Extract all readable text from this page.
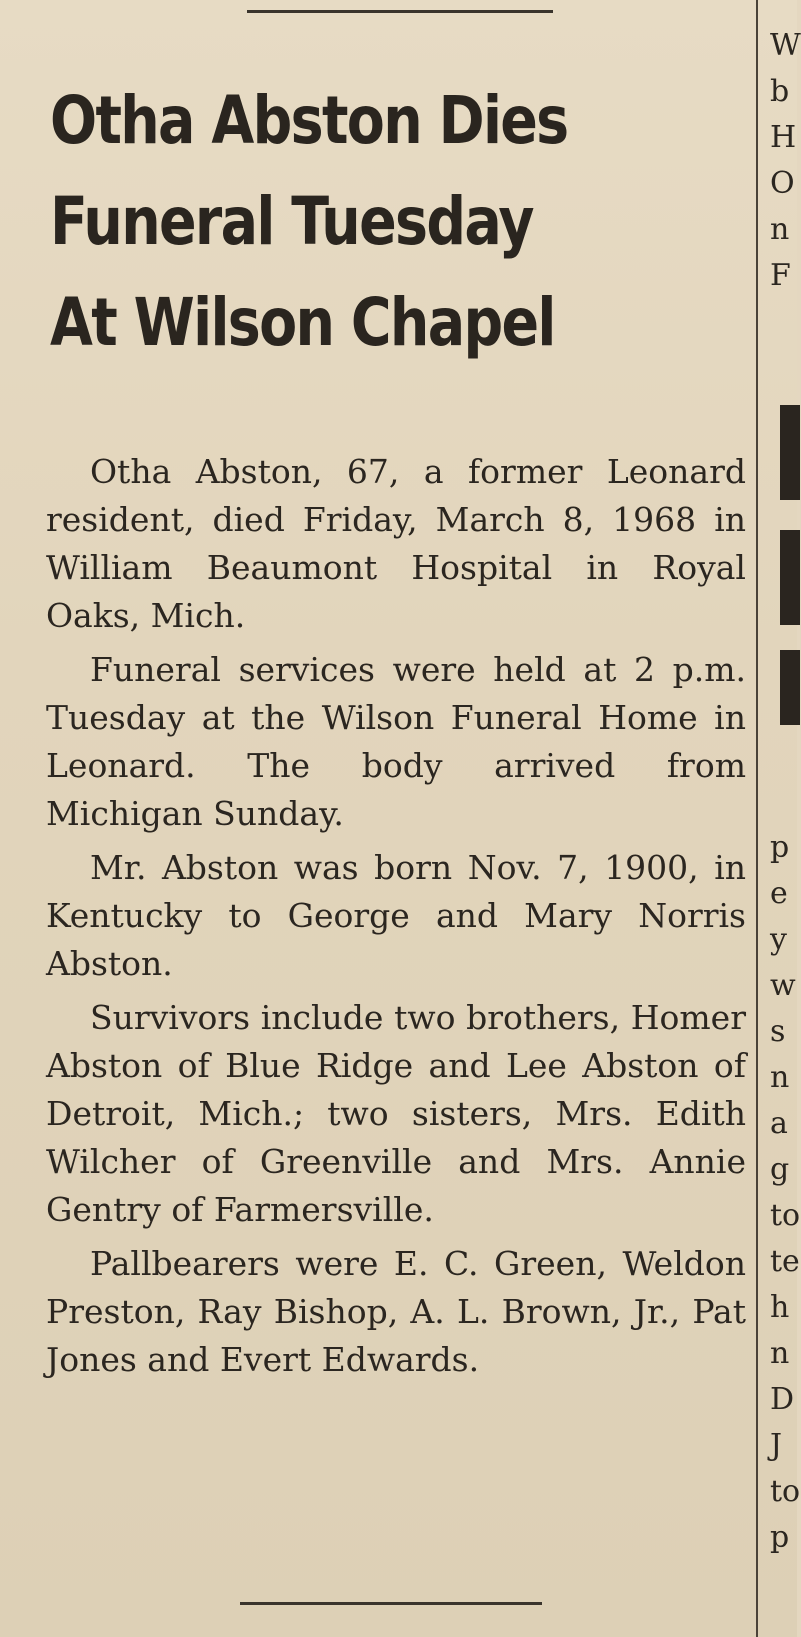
Otha Abston Dies
Funeral Tuesday
At Wilson Chapel

Otha Abston, 67, a former Leonard resident, died Friday, March 8, 1968 in William Beaumont Hospital in Royal Oaks, Mich.

Funeral services were held at 2 p.m. Tuesday at the Wilson Funeral Home in Leonard. The body arrived from Michigan Sunday.

Mr. Abston was born Nov. 7, 1900, in Kentucky to George and Mary Norris Abston.

Survivors include two brothers, Homer Abston of Blue Ridge and Lee Abston of Detroit, Mich.; two sisters, Mrs. Edith Wilcher of Greenville and Mrs. Annie Gentry of Farmersville.

Pallbearers were E. C. Green, Weldon Preston, Ray Bishop, A. L. Brown, Jr., Pat Jones and Evert Edwards.

W
b
H
O
n
F
p
e
y
w
s
n
a
g
to
te
h
n
D
J
to
p
